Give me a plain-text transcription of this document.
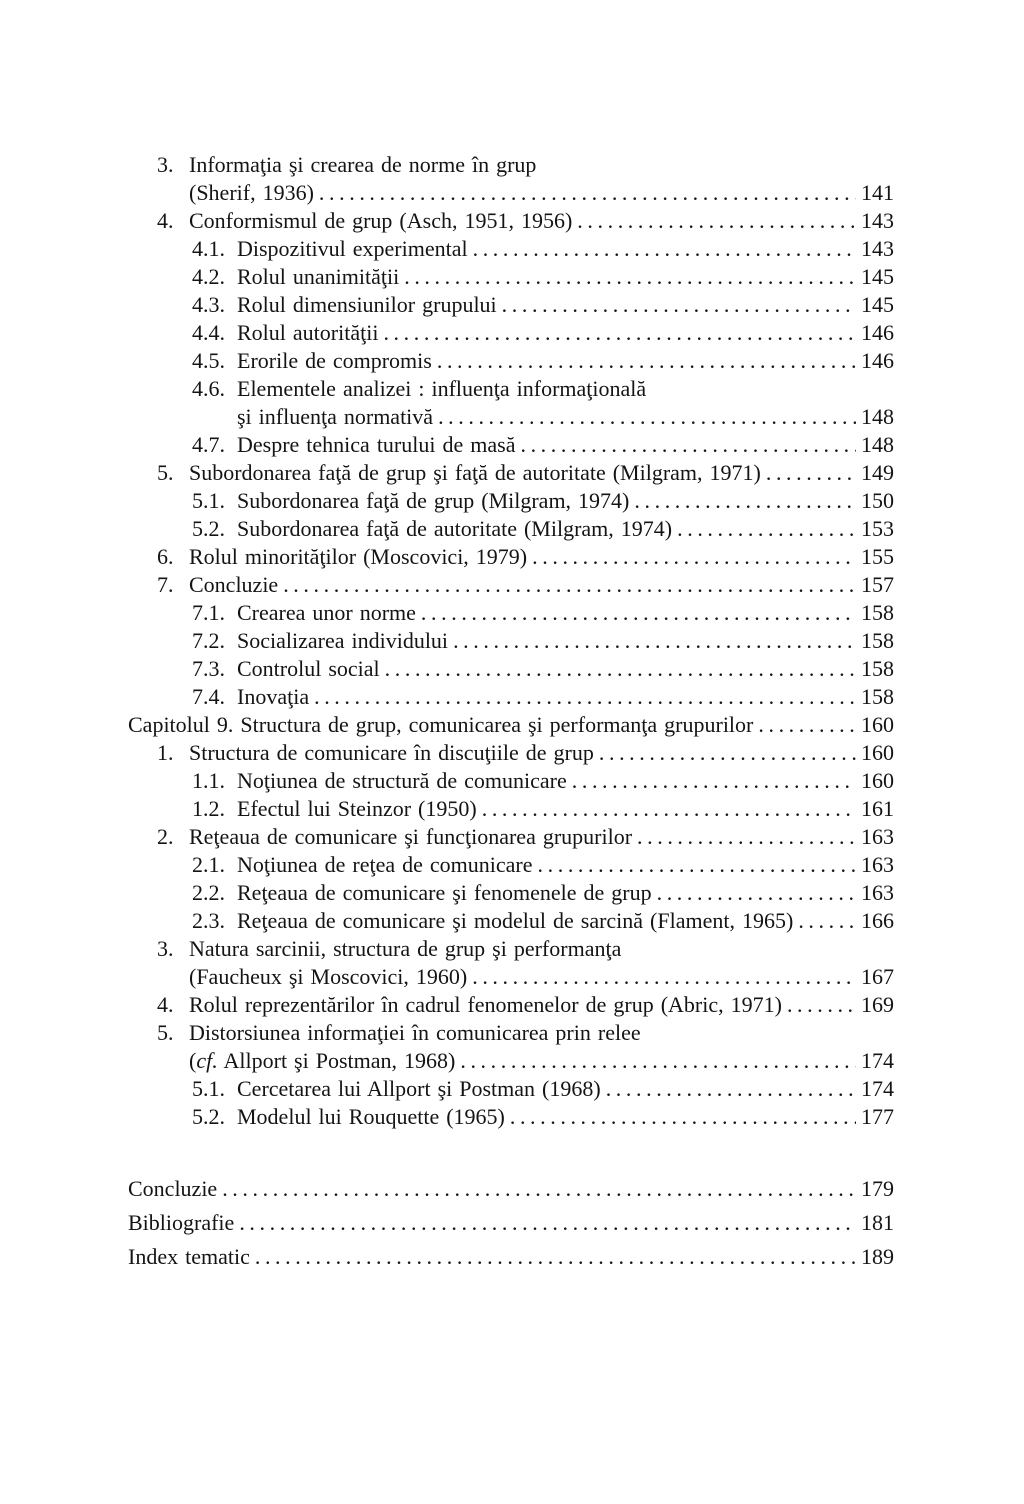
3. Informaţia şi crearea de norme în grup
(Sherif, 1936) .....	141
4. Conformismul de grup (Asch, 1951, 1956) .....	143
4.1. Dispozitivul experimental .....	143
4.2. Rolul unanimităţii .....	145
4.3. Rolul dimensiunilor grupului .....	145
4.4. Rolul autorităţii .....	146
4.5. Erorile de compromis .....	146
4.6. Elementele analizei : influenţa informaţională
şi influenţa normativă .....	148
4.7. Despre tehnica turului de masă .....	148
5. Subordonarea faţă de grup şi faţă de autoritate (Milgram, 1971) .....	149
5.1. Subordonarea faţă de grup (Milgram, 1974) .....	150
5.2. Subordonarea faţă de autoritate (Milgram, 1974) .....	153
6. Rolul minorităţilor (Moscovici, 1979) .....	155
7. Concluzie .....	157
7.1. Crearea unor norme .....	158
7.2. Socializarea individului .....	158
7.3. Controlul social .....	158
7.4. Inovaţia .....	158
Capitolul 9. Structura de grup, comunicarea şi performanţa grupurilor .....	160
1. Structura de comunicare în discuţiile de grup .....	160
1.1. Noţiunea de structură de comunicare .....	160
1.2. Efectul lui Steinzor (1950) .....	161
2. Reţeaua de comunicare şi funcţionarea grupurilor .....	163
2.1. Noţiunea de reţea de comunicare .....	163
2.2. Reţeaua de comunicare şi fenomenele de grup .....	163
2.3. Reţeaua de comunicare şi modelul de sarcină (Flament, 1965) .....	166
3. Natura sarcinii, structura de grup şi performanţa
(Faucheux şi Moscovici, 1960) .....	167
4. Rolul reprezentărilor în cadrul fenomenelor de grup (Abric, 1971) .....	169
5. Distorsiunea informaţiei în comunicarea prin relee
(cf. Allport şi Postman, 1968) .....	174
5.1. Cercetarea lui Allport şi Postman (1968) .....	174
5.2. Modelul lui Rouquette (1965) .....	177
Concluzie .....	179
Bibliografie .....	181
Index tematic .....	189
